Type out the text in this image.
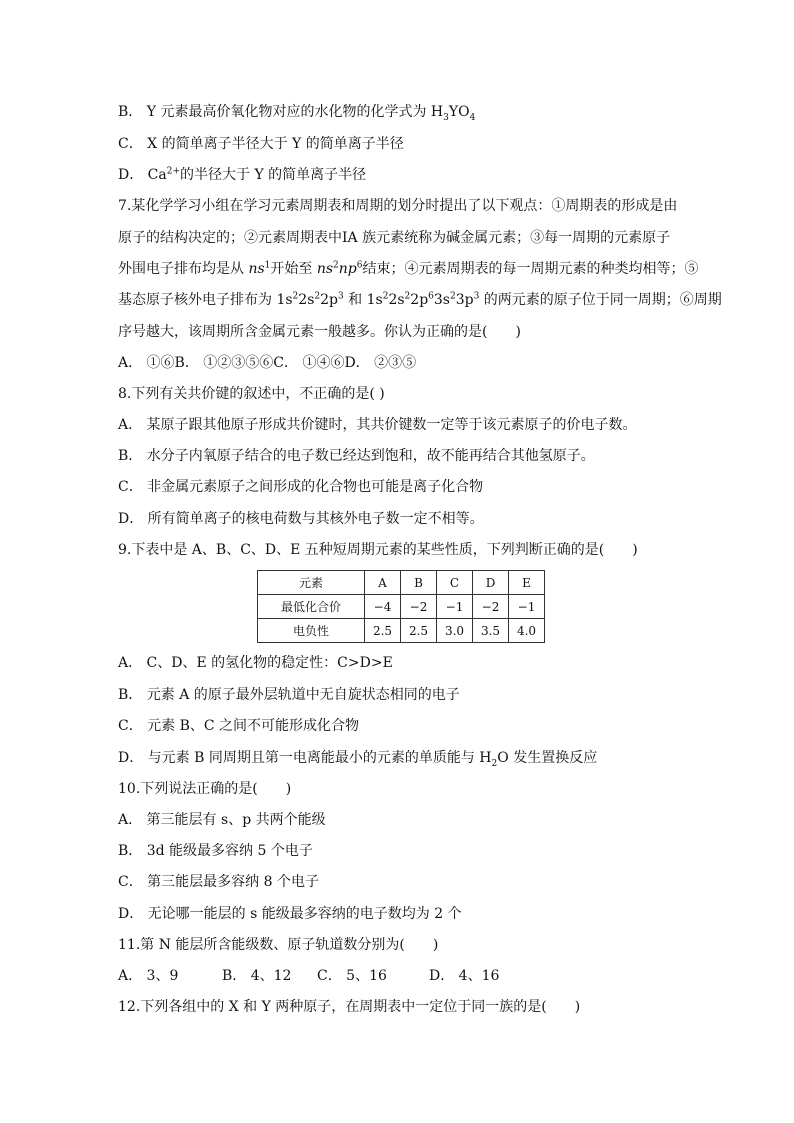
B． Y 元素最高价氧化物对应的水化物的化学式为 $H_3YO_4$
C． X 的简单离子半径大于 Y 的简单离子半径
D． $Ca^{2+}$的半径大于 Y 的简单离子半径
7.某化学学习小组在学习元素周期表和周期的划分时提出了以下观点：①周期表的形成是由
原子的结构决定的；②元素周期表中ⅠA 族元素统称为碱金属元素；③每一周期的元素原子
外围电子排布均是从 $ns^1$开始至 $ns^2np^6$结束；④元素周期表的每一周期元素的种类均相等；⑤
基态原子核外电子排布为 $1s^22s^22p^3$ 和 $1s^22s^22p^63s^23p^3$ 的两元素的原子位于同一周期；⑥周期
序号越大，该周期所含金属元素一般越多。你认为正确的是(　　)
A． ①⑥B． ①②③⑤⑥C． ①④⑥D． ②③⑤
8.下列有关共价键的叙述中，不正确的是( )
A． 某原子跟其他原子形成共价键时，其共价键数一定等于该元素原子的价电子数。
B． 水分子内氧原子结合的电子数已经达到饱和，故不能再结合其他氢原子。
C． 非金属元素原子之间形成的化合物也可能是离子化合物
D． 所有简单离子的核电荷数与其核外电子数一定不相等。
9.下表中是 A、B、C、D、E 五种短周期元素的某些性质，下列判断正确的是(　　)
元素	A	B	C	D	E
最低化合价	−4	−2	−1	−2	−1
电负性	2.5	2.5	3.0	3.5	4.0
A． C、D、E 的氢化物的稳定性：C>D>E
B． 元素 A 的原子最外层轨道中无自旋状态相同的电子
C． 元素 B、C 之间不可能形成化合物
D． 与元素 B 同周期且第一电离能最小的元素的单质能与 $H_2O$ 发生置换反应
10.下列说法正确的是(　　)
A． 第三能层有 s、p 共两个能级
B． 3d 能级最多容纳 5 个电子
C． 第三能层最多容纳 8 个电子
D． 无论哪一能层的 s 能级最多容纳的电子数均为 2 个
11.第 N 能层所含能级数、原子轨道数分别为(　　)
A． 3、9	B． 4、12 C． 5、16	D． 4、16
12.下列各组中的 X 和 Y 两种原子，在周期表中一定位于同一族的是(　　)
